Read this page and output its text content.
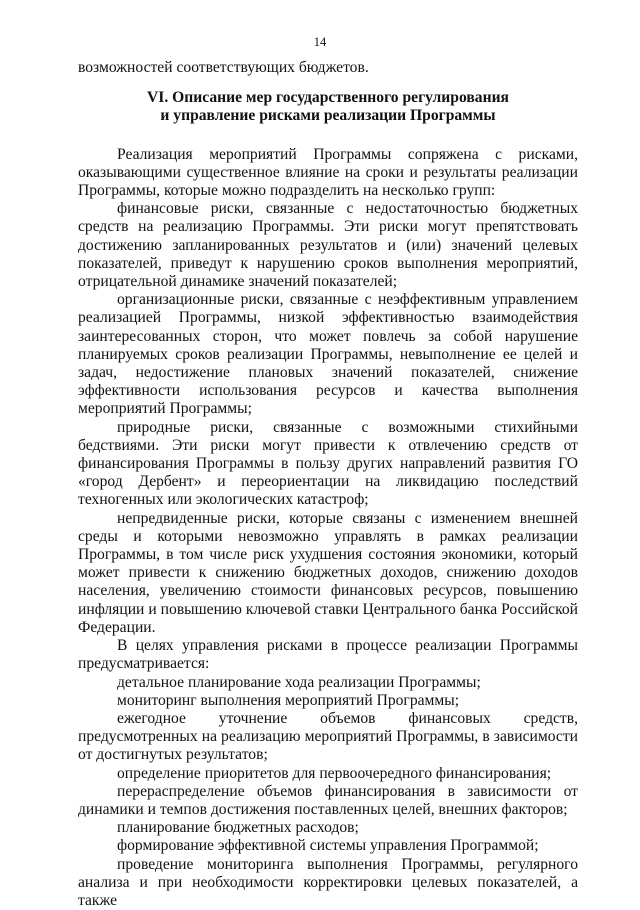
14

возможностей соответствующих бюджетов.

VI. Описание мер государственного регулирования
и управление рисками реализации Программы

Реализация мероприятий Программы сопряжена с рисками, оказывающими существенное влияние на сроки и результаты реализации Программы, которые можно подразделить на несколько групп:

финансовые риски, связанные с недостаточностью бюджетных средств на реализацию Программы. Эти риски могут препятствовать достижению запланированных результатов и (или) значений целевых показателей, приведут к нарушению сроков выполнения мероприятий, отрицательной динамике значений показателей;

организационные риски, связанные с неэффективным управлением реализацией Программы, низкой эффективностью взаимодействия заинтересованных сторон, что может повлечь за собой нарушение планируемых сроков реализации Программы, невыполнение ее целей и задач, недостижение плановых значений показателей, снижение эффективности использования ресурсов и качества выполнения мероприятий Программы;

природные риски, связанные с возможными стихийными бедствиями. Эти риски могут привести к отвлечению средств от финансирования Программы в пользу других направлений развития ГО «город Дербент» и переориентации на ликвидацию последствий техногенных или экологических катастроф;

непредвиденные риски, которые связаны с изменением внешней среды и которыми невозможно управлять в рамках реализации Программы, в том числе риск ухудшения состояния экономики, который может привести к снижению бюджетных доходов, снижению доходов населения, увеличению стоимости финансовых ресурсов, повышению инфляции и повышению ключевой ставки Центрального банка Российской Федерации.

В целях управления рисками в процессе реализации Программы предусматривается:

детальное планирование хода реализации Программы;

мониторинг выполнения мероприятий Программы;

ежегодное уточнение объемов финансовых средств, предусмотренных на реализацию мероприятий Программы, в зависимости от достигнутых результатов;

определение приоритетов для первоочередного финансирования;

перераспределение объемов финансирования в зависимости от динамики и темпов достижения поставленных целей, внешних факторов;

планирование бюджетных расходов;

формирование эффективной системы управления Программой;

проведение мониторинга выполнения Программы, регулярного анализа и при необходимости корректировки целевых показателей, а также
